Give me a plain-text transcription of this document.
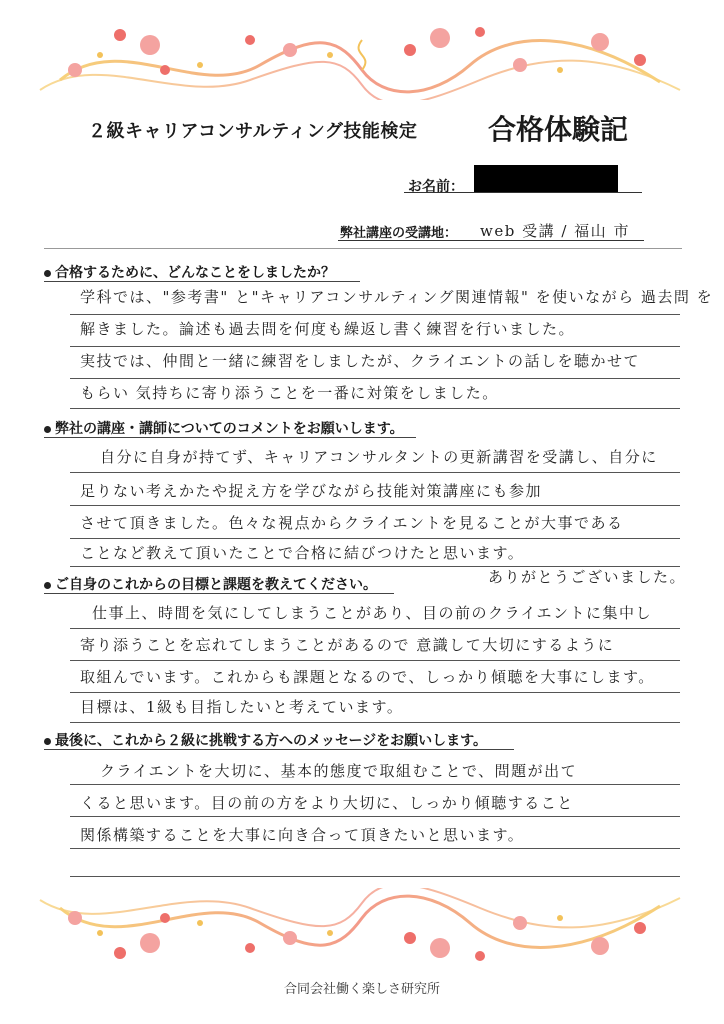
２級キャリアコンサルティング技能検定	合格体験記
お名前：
弊社講座の受講地： web 受講 / 福山 市
合格するために、どんなことをしましたか？
学科では、"参考書" と"キャリアコンサルティング関連情報" を使いながら 過去問 を
解きました。論述も過去問を何度も繰返し書く練習を行いました。
実技では、仲間と一緒に練習をしましたが、クライエントの話しを聴かせて
もらい 気持ちに寄り添うことを一番に対策をしました。
弊社の講座・講師についてのコメントをお願いします。
自分に自身が持てず、キャリアコンサルタントの更新講習を受講し、自分に
足りない考えかたや捉え方を学びながら技能対策講座にも参加
させて頂きました。色々な視点からクライエントを見ることが大事である
ことなど教えて頂いたことで合格に結びつけたと思います。
ありがとうございました。
ご自身のこれからの目標と課題を教えてください。
仕事上、時間を気にしてしまうことがあり、目の前のクライエントに集中し
寄り添うことを忘れてしまうことがあるので 意識して大切にするように
取組んでいます。これからも課題となるので、しっかり傾聴を大事にします。
目標は、1級も目指したいと考えています。
最後に、これから２級に挑戦する方へのメッセージをお願いします。
クライエントを大切に、基本的態度で取組むことで、問題が出て
くると思います。目の前の方をより大切に、しっかり傾聴すること
関係構築することを大事に向き合って頂きたいと思います。
合同会社働く楽しさ研究所
